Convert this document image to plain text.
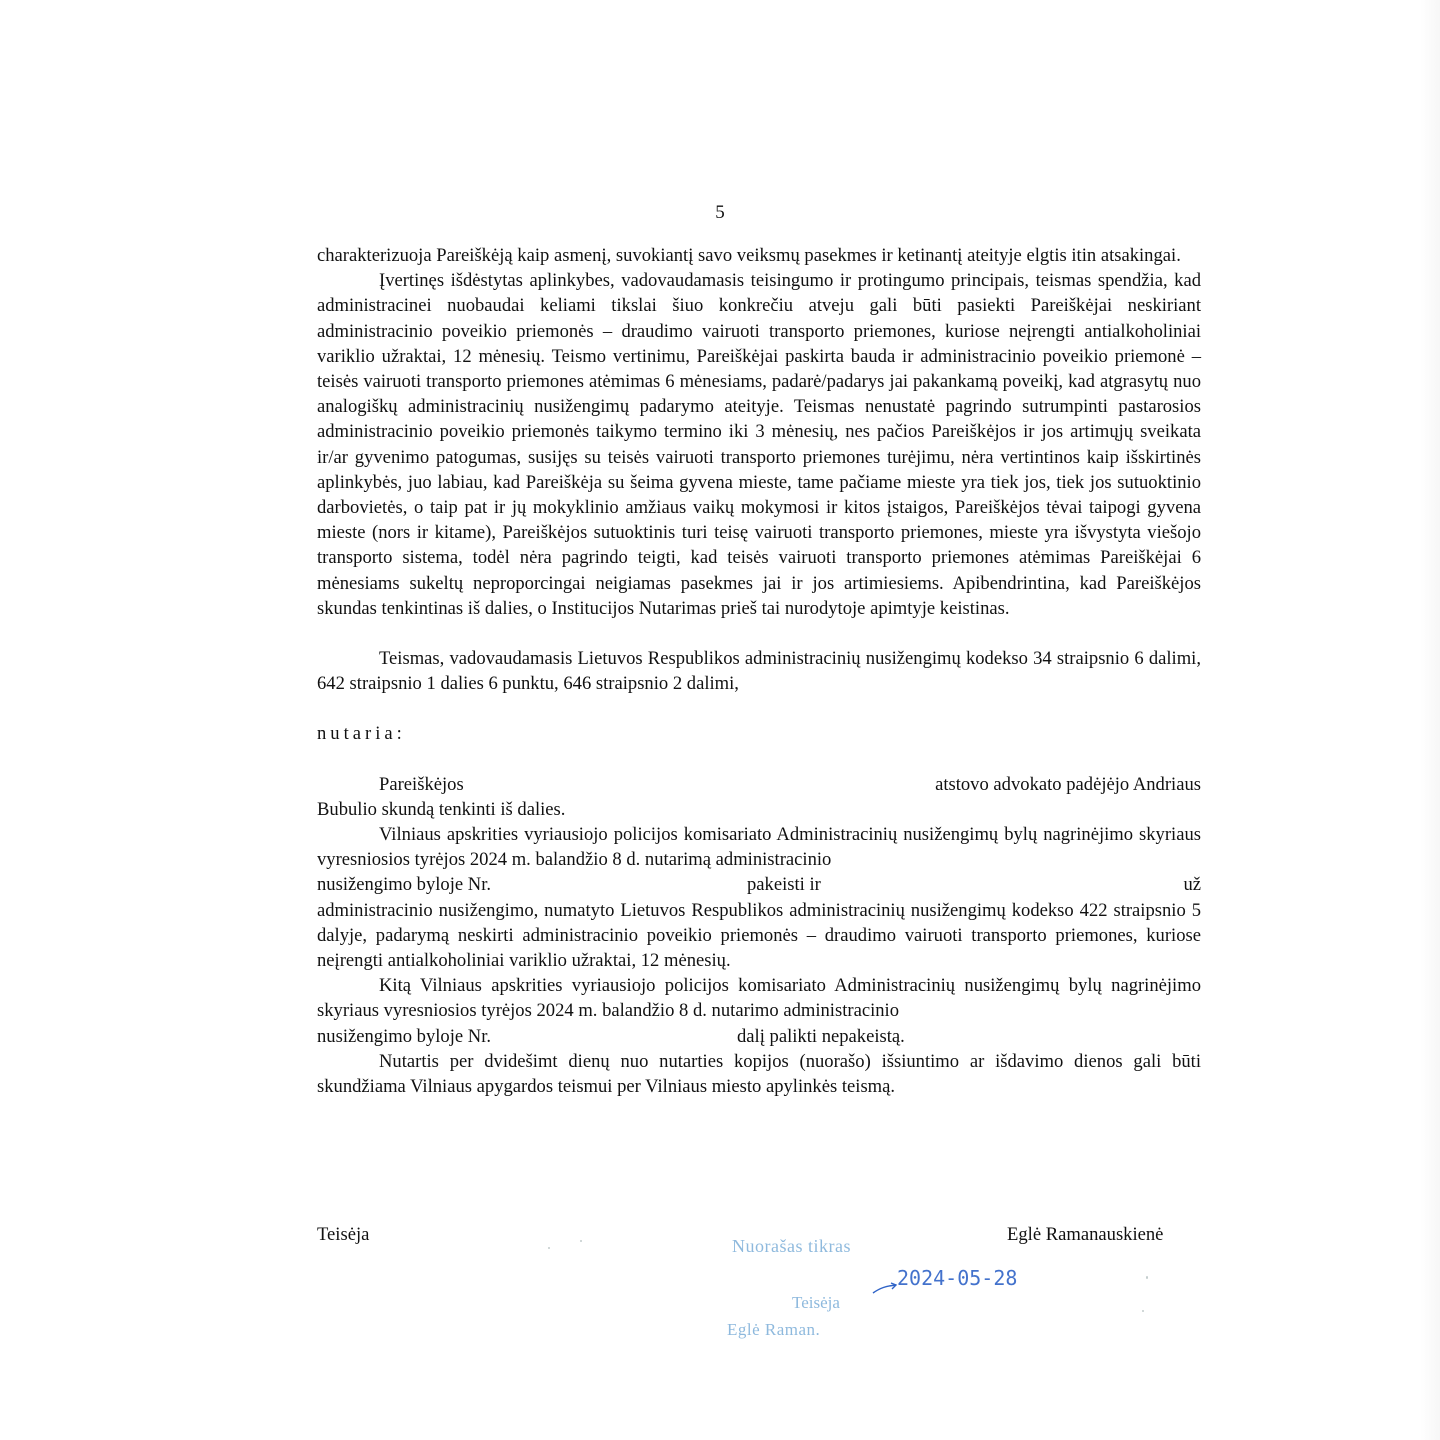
5

charakterizuoja Pareiškėją kaip asmenį, suvokiantį savo veiksmų pasekmes ir ketinantį ateityje elgtis itin atsakingai.

Įvertinęs išdėstytas aplinkybes, vadovaudamasis teisingumo ir protingumo principais, teismas spendžia, kad administracinei nuobaudai keliami tikslai šiuo konkrečiu atveju gali būti pasiekti Pareiškėjai neskiriant administracinio poveikio priemonės – draudimo vairuoti transporto priemones, kuriose neįrengti antialkoholiniai variklio užraktai, 12 mėnesių. Teismo vertinimu, Pareiškėjai paskirta bauda ir administracinio poveikio priemonė – teisės vairuoti transporto priemones atėmimas 6 mėnesiams, padarė/padarys jai pakankamą poveikį, kad atgrasytų nuo analogiškų administracinių nusižengimų padarymo ateityje. Teismas nenustatė pagrindo sutrumpinti pastarosios administracinio poveikio priemonės taikymo termino iki 3 mėnesių, nes pačios Pareiškėjos ir jos artimųjų sveikata ir/ar gyvenimo patogumas, susijęs su teisės vairuoti transporto priemones turėjimu, nėra vertintinos kaip išskirtinės aplinkybės, juo labiau, kad Pareiškėja su šeima gyvena mieste, tame pačiame mieste yra tiek jos, tiek jos sutuoktinio darbovietės, o taip pat ir jų mokyklinio amžiaus vaikų mokymosi ir kitos įstaigos, Pareiškėjos tėvai taipogi gyvena mieste (nors ir kitame), Pareiškėjos sutuoktinis turi teisę vairuoti transporto priemones, mieste yra išvystyta viešojo transporto sistema, todėl nėra pagrindo teigti, kad teisės vairuoti transporto priemones atėmimas Pareiškėjai 6 mėnesiams sukeltų neproporcingai neigiamas pasekmes jai ir jos artimiesiems. Apibendrintina, kad Pareiškėjos skundas tenkintinas iš dalies, o Institucijos Nutarimas prieš tai nurodytoje apimtyje keistinas.

Teismas, vadovaudamasis Lietuvos Respublikos administracinių nusižengimų kodekso 34 straipsnio 6 dalimi, 642 straipsnio 1 dalies 6 punktu, 646 straipsnio 2 dalimi,

nutaria:

Pareiškėjos	atstovo advokato padėjėjo Andriaus

Bubulio skundą tenkinti iš dalies.

Vilniaus apskrities vyriausiojo policijos komisariato Administracinių nusižengimų bylų nagrinėjimo skyriaus vyresniosios tyrėjos 2024 m. balandžio 8 d. nutarimą administracinio

nusižengimo byloje Nr.	pakeisti ir	už

administracinio nusižengimo, numatyto Lietuvos Respublikos administracinių nusižengimų kodekso 422 straipsnio 5 dalyje, padarymą neskirti administracinio poveikio priemonės – draudimo vairuoti transporto priemones, kuriose neįrengti antialkoholiniai variklio užraktai, 12 mėnesių.

Kitą Vilniaus apskrities vyriausiojo policijos komisariato Administracinių nusižengimų bylų nagrinėjimo skyriaus vyresniosios tyrėjos 2024 m. balandžio 8 d. nutarimo administracinio

nusižengimo byloje Nr.	dalį palikti nepakeistą.

Nutartis per dvidešimt dienų nuo nutarties kopijos (nuorašo) išsiuntimo ar išdavimo dienos gali būti skundžiama Vilniaus apygardos teismui per Vilniaus miesto apylinkės teismą.

Teisėja	Eglė Ramanauskienė
Nuorašas tikras
2024-05-28
Teisėja
Eglė Raman.
